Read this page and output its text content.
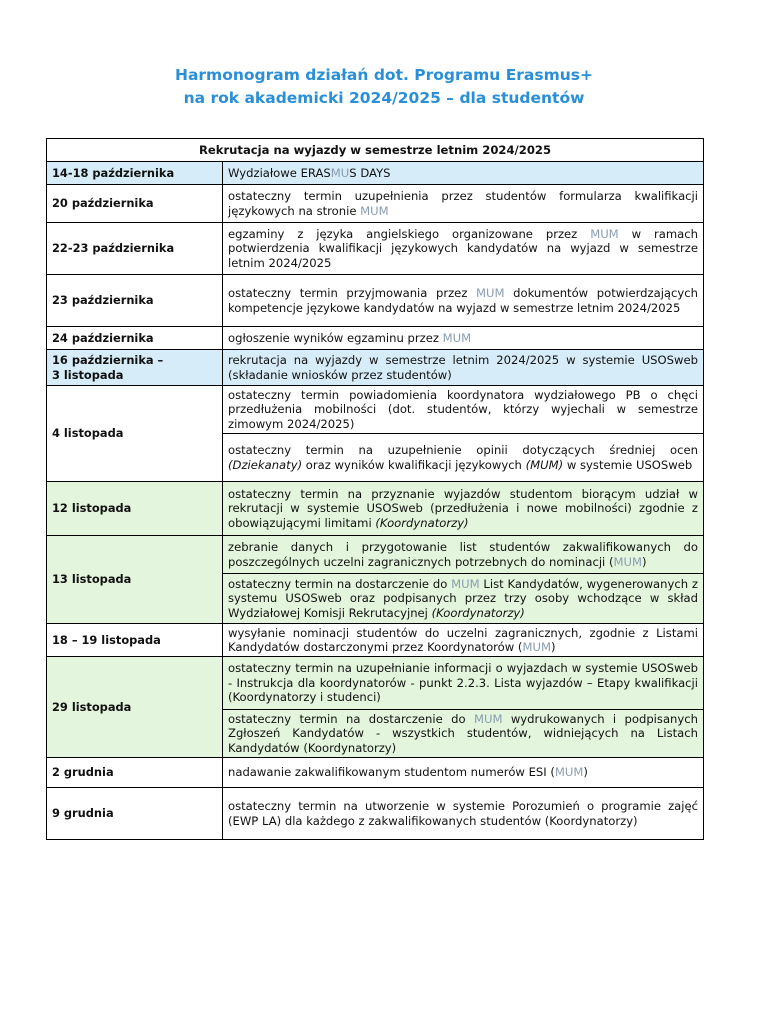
Harmonogram działań dot. Programu Erasmus+
na rok akademicki 2024/2025 – dla studentów
Rekrutacja na wyjazdy w semestrze letnim 2024/2025	
14-18 października	Wydziałowe ERASMUS DAYS
20 października	ostateczny termin uzupełnienia przez studentów formularza kwalifikacji językowych na stronie MUM
22-23 października	egzaminy z języka angielskiego organizowane przez MUM w ramach potwierdzenia kwalifikacji językowych kandydatów na wyjazd w semestrze letnim 2024/2025
23 października	ostateczny termin przyjmowania przez MUM dokumentów potwierdzających kompetencje językowe kandydatów na wyjazd w semestrze letnim 2024/2025
24 października	ogłoszenie wyników egzaminu przez MUM
16 października –
3 listopada	rekrutacja na wyjazdy w semestrze letnim 2024/2025 w systemie USOSweb (składanie wniosków przez studentów)
4 listopada	ostateczny termin powiadomienia koordynatora wydziałowego PB o chęci przedłużenia mobilności (dot. studentów, którzy wyjechali w semestrze zimowym 2024/2025)
	ostateczny termin na uzupełnienie opinii dotyczących średniej ocen (Dziekanaty) oraz wyników kwalifikacji językowych (MUM) w systemie USOSweb
12 listopada	ostateczny termin na przyznanie wyjazdów studentom biorącym udział w rekrutacji w systemie USOSweb (przedłużenia i nowe mobilności) zgodnie z obowiązującymi limitami (Koordynatorzy)
13 listopada	zebranie danych i przygotowanie list studentów zakwalifikowanych do poszczególnych uczelni zagranicznych potrzebnych do nominacji (MUM)
	ostateczny termin na dostarczenie do MUM List Kandydatów, wygenerowanych z systemu USOSweb oraz podpisanych przez trzy osoby wchodzące w skład Wydziałowej Komisji Rekrutacyjnej (Koordynatorzy)
18 – 19 listopada	wysyłanie nominacji studentów do uczelni zagranicznych, zgodnie z Listami Kandydatów dostarczonymi przez Koordynatorów (MUM)
29 listopada	ostateczny termin na uzupełnianie informacji o wyjazdach w systemie USOSweb - Instrukcja dla koordynatorów - punkt 2.2.3. Lista wyjazdów – Etapy kwalifikacji (Koordynatorzy i studenci)
	ostateczny termin na dostarczenie do MUM wydrukowanych i podpisanych Zgłoszeń Kandydatów - wszystkich studentów, widniejących na Listach Kandydatów (Koordynatorzy)
2 grudnia	nadawanie zakwalifikowanym studentom numerów ESI (MUM)
9 grudnia	ostateczny termin na utworzenie w systemie Porozumień o programie zajęć (EWP LA) dla każdego z zakwalifikowanych studentów (Koordynatorzy)
